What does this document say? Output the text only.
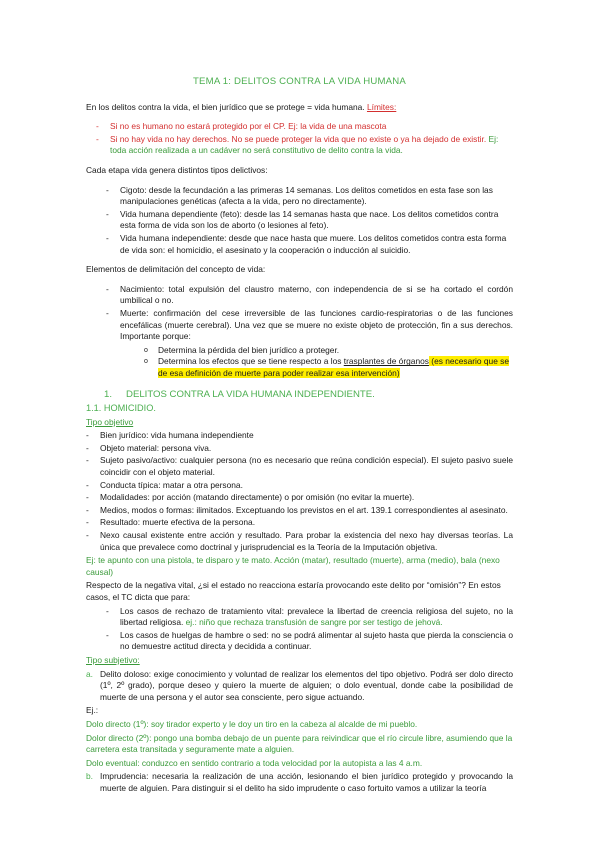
TEMA 1: DELITOS CONTRA LA VIDA HUMANA

En los delitos contra la vida, el bien jurídico que se protege = vida humana. Límites:

- Si no es humano no estará protegido por el CP. Ej: la vida de una mascota
- Si no hay vida no hay derechos. No se puede proteger la vida que no existe o ya ha dejado de existir. Ej: toda acción realizada a un cadáver no será constitutivo de delito contra la vida.

Cada etapa vida genera distintos tipos delictivos:

- Cigoto: desde la fecundación a las primeras 14 semanas. Los delitos cometidos en esta fase son las manipulaciones genéticas (afecta a la vida, pero no directamente).
- Vida humana dependiente (feto): desde las 14 semanas hasta que nace. Los delitos cometidos contra esta forma de vida son los de aborto (o lesiones al feto).
- Vida humana independiente: desde que nace hasta que muere. Los delitos cometidos contra esta forma de vida son: el homicidio, el asesinato y la cooperación o inducción al suicidio.

Elementos de delimitación del concepto de vida:

- Nacimiento: total expulsión del claustro materno, con independencia de si se ha cortado el cordón umbilical o no.
- Muerte: confirmación del cese irreversible de las funciones cardio-respiratorias o de las funciones encefálicas (muerte cerebral). Una vez que se muere no existe objeto de protección, fin a sus derechos. Importante porque:
o Determina la pérdida del bien jurídico a proteger.
o Determina los efectos que se tiene respecto a los trasplantes de órganos (es necesario que se de esa definición de muerte para poder realizar esa intervención)
1. DELITOS CONTRA LA VIDA HUMANA INDEPENDIENTE.
1.1. HOMICIDIO.
Tipo objetivo
- Bien jurídico: vida humana independiente
- Objeto material: persona viva.
- Sujeto pasivo/activo: cualquier persona (no es necesario que reúna condición especial). El sujeto pasivo suele coincidir con el objeto material.
- Conducta típica: matar a otra persona.
- Modalidades: por acción (matando directamente) o por omisión (no evitar la muerte).
- Medios, modos o formas: ilimitados. Exceptuando los previstos en el art. 139.1 correspondientes al asesinato.
- Resultado: muerte efectiva de la persona.
- Nexo causal existente entre acción y resultado. Para probar la existencia del nexo hay diversas teorías. La única que prevalece como doctrinal y jurisprudencial es la Teoría de la Imputación objetiva.

Ej: te apunto con una pistola, te disparo y te mato. Acción (matar), resultado (muerte), arma (medio), bala (nexo causal)

Respecto de la negativa vital, ¿si el estado no reacciona estaría provocando este delito por “omisión”? En estos casos, el TC dicta que para:

- Los casos de rechazo de tratamiento vital: prevalece la libertad de creencia religiosa del sujeto, no la libertad religiosa. ej.: niño que rechaza transfusión de sangre por ser testigo de jehová.
- Los casos de huelgas de hambre o sed: no se podrá alimentar al sujeto hasta que pierda la consciencia o no demuestre actitud directa y decidida a continuar.
Tipo subjetivo:
a. Delito doloso: exige conocimiento y voluntad de realizar los elementos del tipo objetivo. Podrá ser dolo directo (1º, 2º grado), porque deseo y quiero la muerte de alguien; o dolo eventual, donde cabe la posibilidad de muerte de una persona y el autor sea consciente, pero sigue actuando.

Ej.:

Dolo directo (1º): soy tirador experto y le doy un tiro en la cabeza al alcalde de mi pueblo.

Dolor directo (2º): pongo una bomba debajo de un puente para reivindicar que el río circule libre, asumiendo que la carretera esta transitada y seguramente mate a alguien.

Dolo eventual: conduzco en sentido contrario a toda velocidad por la autopista a las 4 a.m.

b. Imprudencia: necesaria la realización de una acción, lesionando el bien jurídico protegido y provocando la muerte de alguien. Para distinguir si el delito ha sido imprudente o caso fortuito vamos a utilizar la teoría
